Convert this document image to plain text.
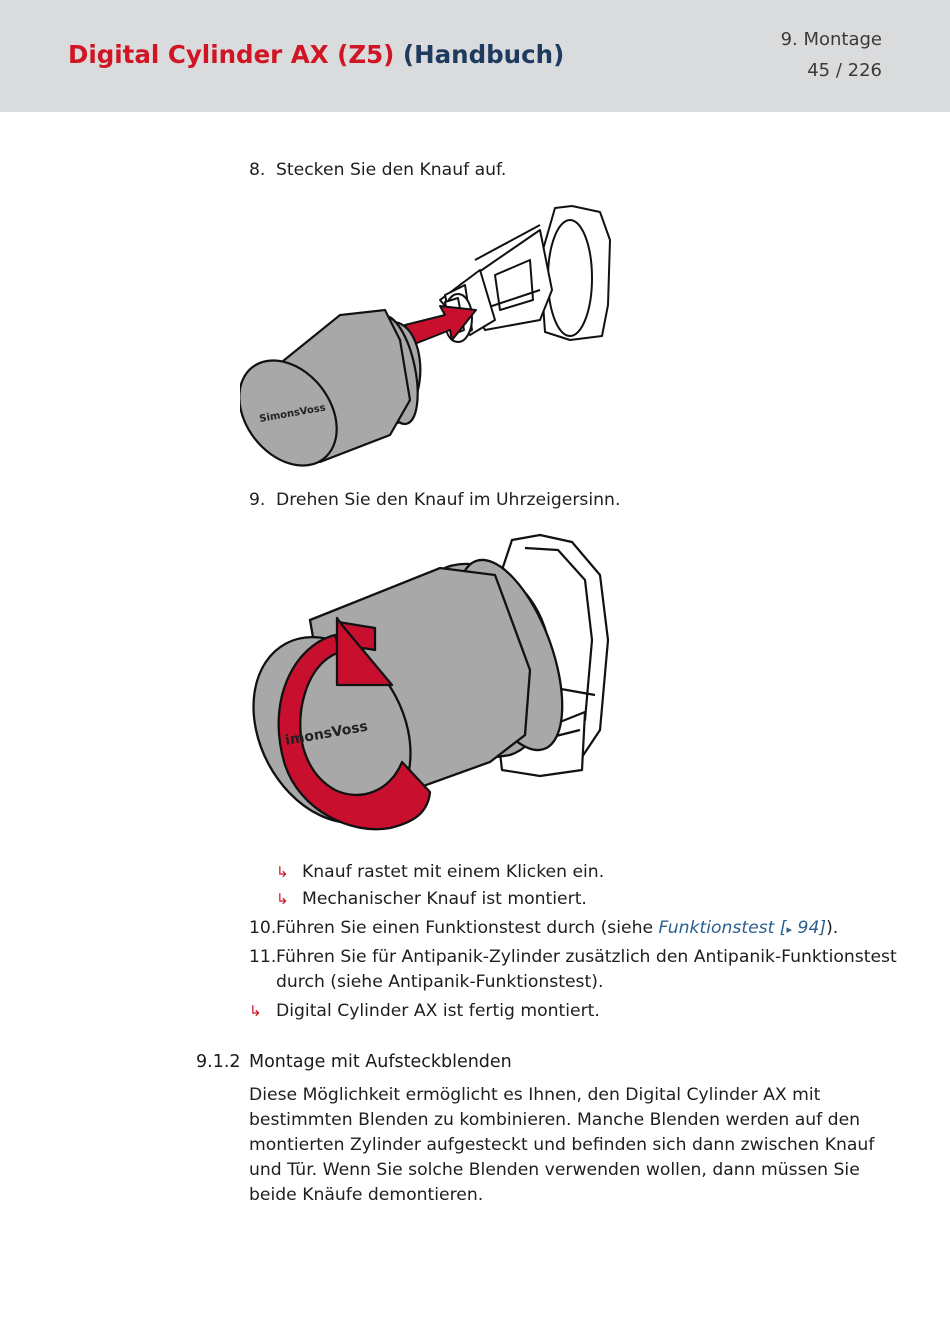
Digital Cylinder AX (Z5) (Handbuch)
9. Montage
45 / 226
8. Stecken Sie den Knauf auf.
SimonsVoss
9. Drehen Sie den Knauf im Uhrzeigersinn.
imonsVoss
↳ Knauf rastet mit einem Klicken ein.
↳ Mechanischer Knauf ist montiert.
10. Führen Sie einen Funktionstest durch (siehe Funktionstest [▸ 94]).
11. Führen Sie für Antipanik-Zylinder zusätzlich den Antipanik-Funktionstest
durch (siehe Antipanik-Funktionstest).
↳ Digital Cylinder AX ist fertig montiert.
9.1.2 Montage mit Aufsteckblenden
Diese Möglichkeit ermöglicht es Ihnen, den Digital Cylinder AX mit
bestimmten Blenden zu kombinieren. Manche Blenden werden auf den
montierten Zylinder aufgesteckt und befinden sich dann zwischen Knauf
und Tür. Wenn Sie solche Blenden verwenden wollen, dann müssen Sie
beide Knäufe demontieren.
